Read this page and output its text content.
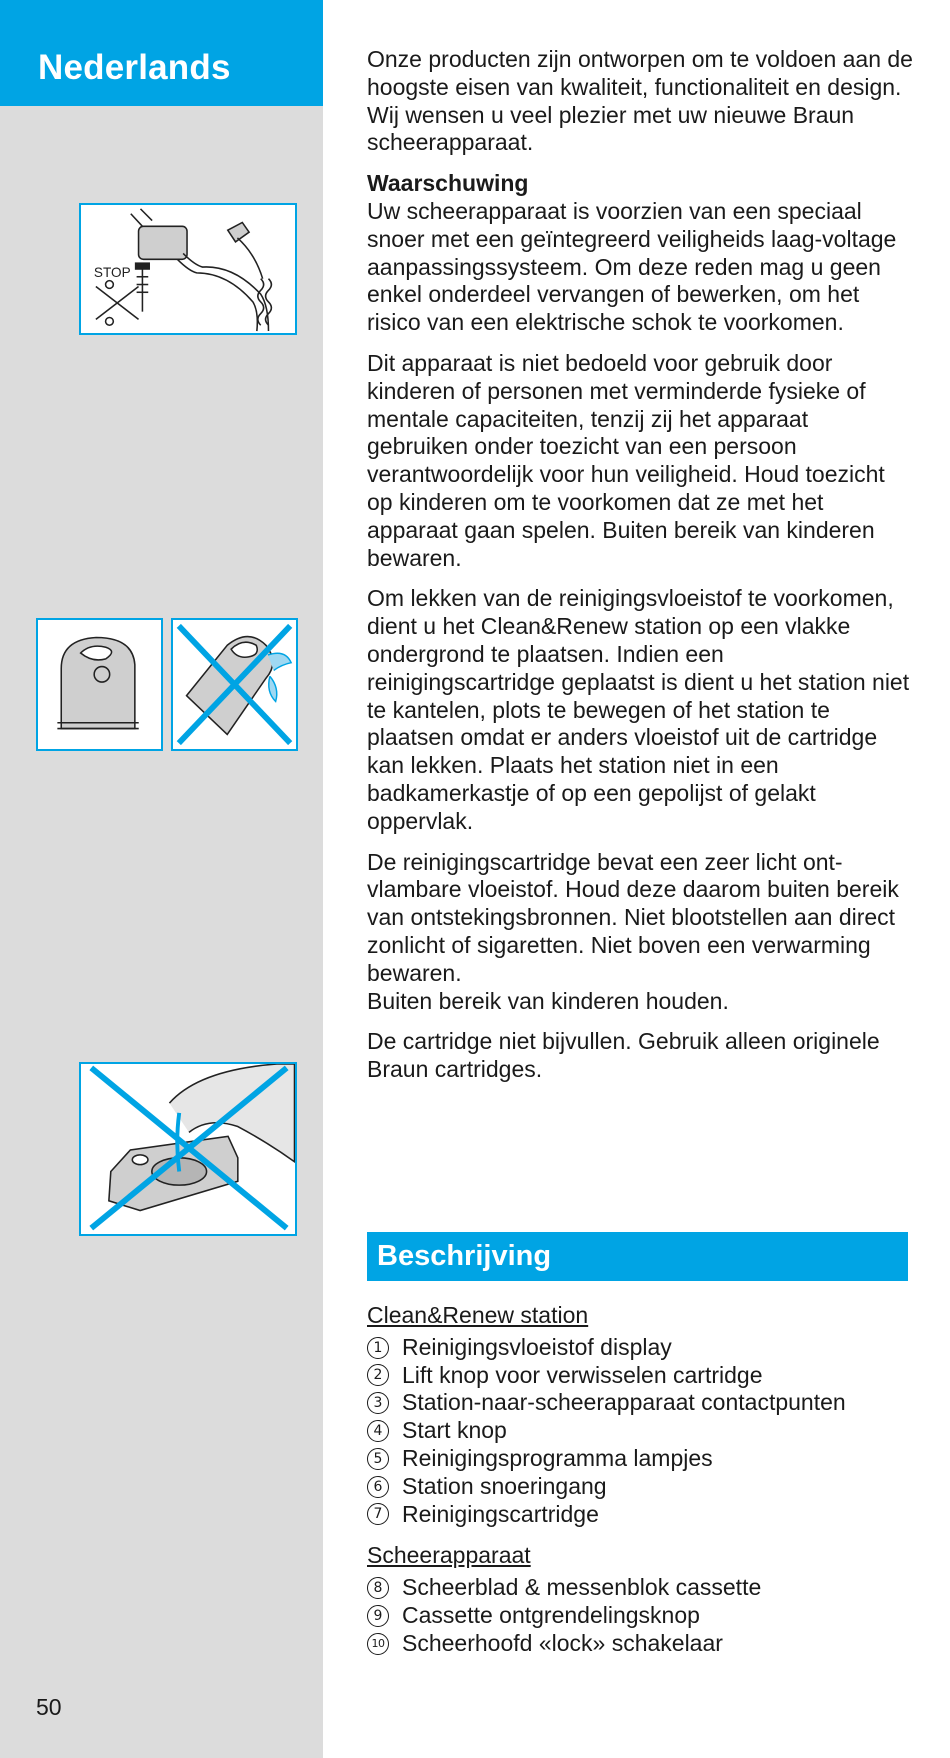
Nederlands
STOP
50

Onze producten zijn ontworpen om te voldoen aan de hoogste eisen van kwaliteit, functionaliteit en design. Wij wensen u veel plezier met uw nieuwe Braun scheerapparaat.

Waarschuwing
Uw scheerapparaat is voorzien van een speciaal snoer met een geïntegreerd veiligheids laag-voltage aanpassingssysteem. Om deze reden mag u geen enkel onderdeel vervangen of bewerken, om het risico van een elektrische schok te voorkomen.

Dit apparaat is niet bedoeld voor gebruik door kinderen of personen met verminderde fysieke of mentale capaciteiten, tenzij zij het apparaat gebruiken onder toezicht van een persoon verantwoordelijk voor hun veiligheid. Houd toezicht op kinderen om te voorkomen dat ze met het apparaat gaan spelen. Buiten bereik van kinderen bewaren.

Om lekken van de reinigingsvloeistof te voorkomen, dient u het Clean&Renew station op een vlakke ondergrond te plaatsen. Indien een reinigingscartridge geplaatst is dient u het station niet te kantelen, plots te bewegen of het station te plaatsen omdat er anders vloeistof uit de cartridge kan lekken. Plaats het station niet in een badkamerkastje of op een gepolijst of gelakt oppervlak.

De reinigingscartridge bevat een zeer licht ont-vlambare vloeistof. Houd deze daarom buiten bereik van ontstekingsbronnen. Niet blootstellen aan direct zonlicht of sigaretten. Niet boven een verwarming bewaren.
Buiten bereik van kinderen houden.

De cartridge niet bijvullen. Gebruik alleen originele Braun cartridges.

Beschrijving
Clean&Renew station
1 Reinigingsvloeistof display
2 Lift knop voor verwisselen cartridge
3 Station-naar-scheerapparaat contactpunten
4 Start knop
5 Reinigingsprogramma lampjes
6 Station snoeringang
7 Reinigingscartridge
Scheerapparaat
8 Scheerblad & messenblok cassette
9 Cassette ontgrendelingsknop
10 Scheerhoofd «lock» schakelaar
